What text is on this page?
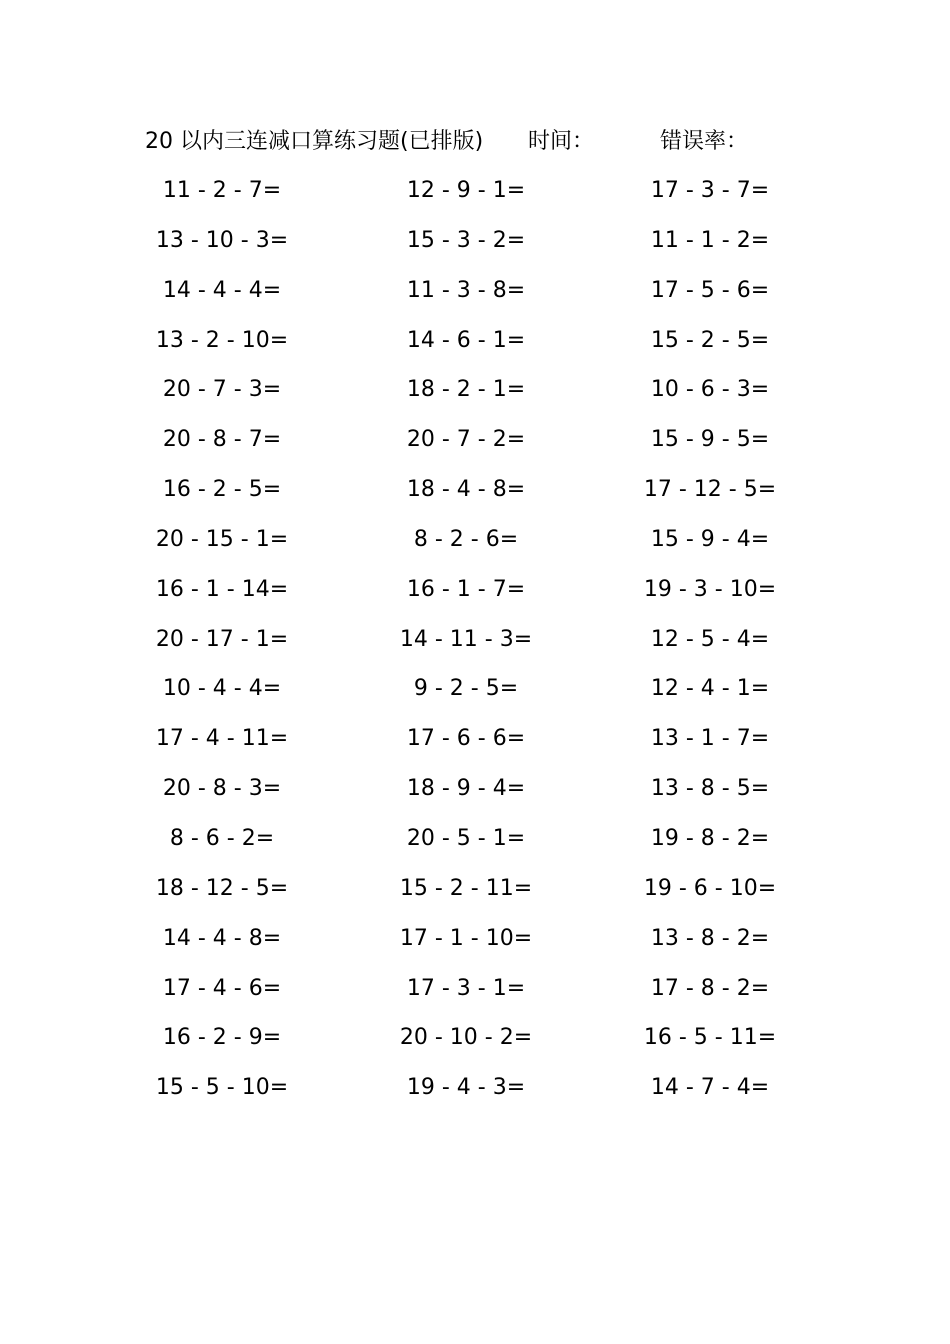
20 以内三连减口算练习题(已排版) 时间：	错误率：
11 - 2 - 7=	12 - 9 - 1=	17 - 3 - 7=
13 - 10 - 3=	15 - 3 - 2=	11 - 1 - 2=
14 - 4 - 4=	11 - 3 - 8=	17 - 5 - 6=
13 - 2 - 10=	14 - 6 - 1=	15 - 2 - 5=
20 - 7 - 3=	18 - 2 - 1=	10 - 6 - 3=
20 - 8 - 7=	20 - 7 - 2=	15 - 9 - 5=
16 - 2 - 5=	18 - 4 - 8=	17 - 12 - 5=
20 - 15 - 1=	8 - 2 - 6=	15 - 9 - 4=
16 - 1 - 14=	16 - 1 - 7=	19 - 3 - 10=
20 - 17 - 1=	14 - 11 - 3=	12 - 5 - 4=
10 - 4 - 4=	9 - 2 - 5=	12 - 4 - 1=
17 - 4 - 11=	17 - 6 - 6=	13 - 1 - 7=
20 - 8 - 3=	18 - 9 - 4=	13 - 8 - 5=
8 - 6 - 2=	20 - 5 - 1=	19 - 8 - 2=
18 - 12 - 5=	15 - 2 - 11=	19 - 6 - 10=
14 - 4 - 8=	17 - 1 - 10=	13 - 8 - 2=
17 - 4 - 6=	17 - 3 - 1=	17 - 8 - 2=
16 - 2 - 9=	20 - 10 - 2=	16 - 5 - 11=
15 - 5 - 10=	19 - 4 - 3=	14 - 7 - 4=
